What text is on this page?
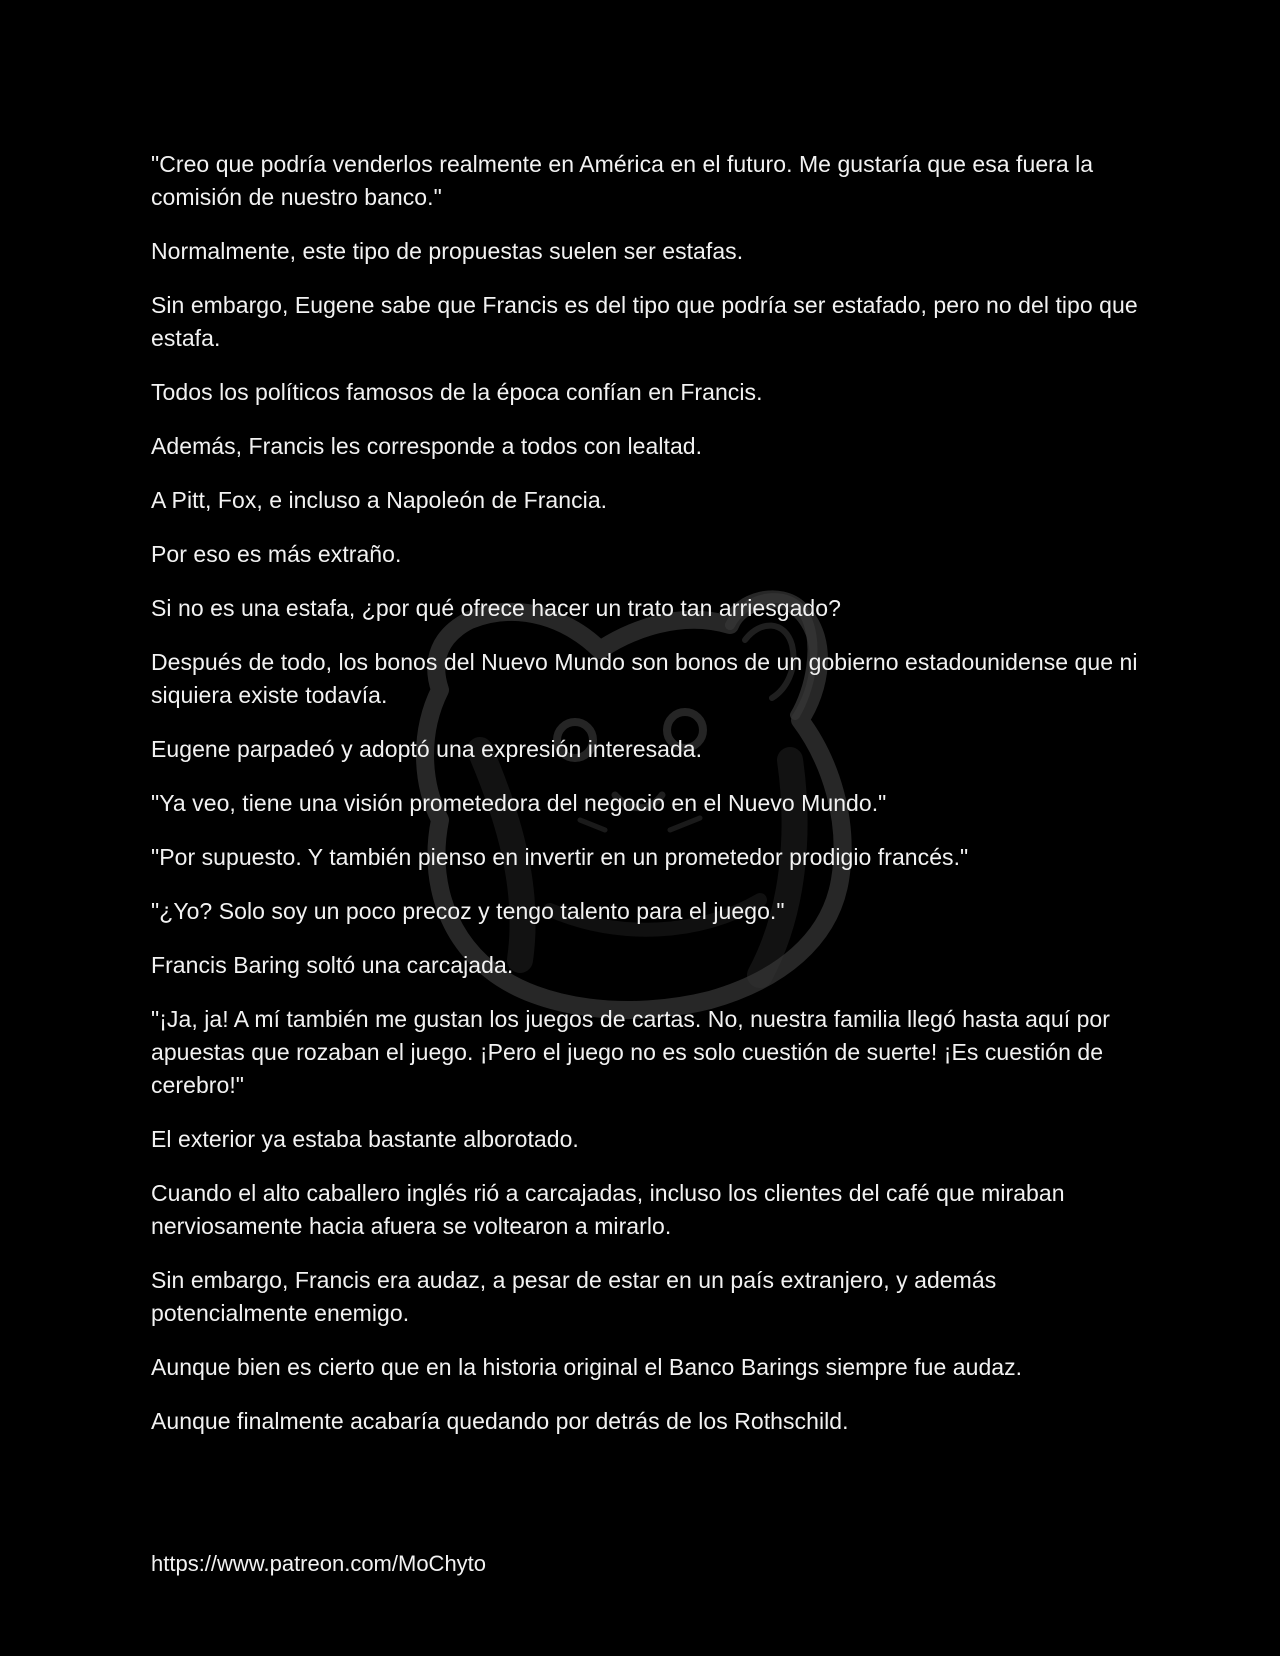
"Creo que podría venderlos realmente en América en el futuro. Me gustaría que esa fuera la comisión de nuestro banco."

Normalmente, este tipo de propuestas suelen ser estafas.

Sin embargo, Eugene sabe que Francis es del tipo que podría ser estafado, pero no del tipo que estafa.

Todos los políticos famosos de la época confían en Francis.

Además, Francis les corresponde a todos con lealtad.

A Pitt, Fox, e incluso a Napoleón de Francia.

Por eso es más extraño.

Si no es una estafa, ¿por qué ofrece hacer un trato tan arriesgado?

Después de todo, los bonos del Nuevo Mundo son bonos de un gobierno estadounidense que ni siquiera existe todavía.

Eugene parpadeó y adoptó una expresión interesada.

"Ya veo, tiene una visión prometedora del negocio en el Nuevo Mundo."

"Por supuesto. Y también pienso en invertir en un prometedor prodigio francés."

"¿Yo? Solo soy un poco precoz y tengo talento para el juego."

Francis Baring soltó una carcajada.

"¡Ja, ja! A mí también me gustan los juegos de cartas. No, nuestra familia llegó hasta aquí por apuestas que rozaban el juego. ¡Pero el juego no es solo cuestión de suerte! ¡Es cuestión de cerebro!"

El exterior ya estaba bastante alborotado.

Cuando el alto caballero inglés rió a carcajadas, incluso los clientes del café que miraban nerviosamente hacia afuera se voltearon a mirarlo.

Sin embargo, Francis era audaz, a pesar de estar en un país extranjero, y además potencialmente enemigo.

Aunque bien es cierto que en la historia original el Banco Barings siempre fue audaz.

Aunque finalmente acabaría quedando por detrás de los Rothschild.

https://www.patreon.com/MoChyto
